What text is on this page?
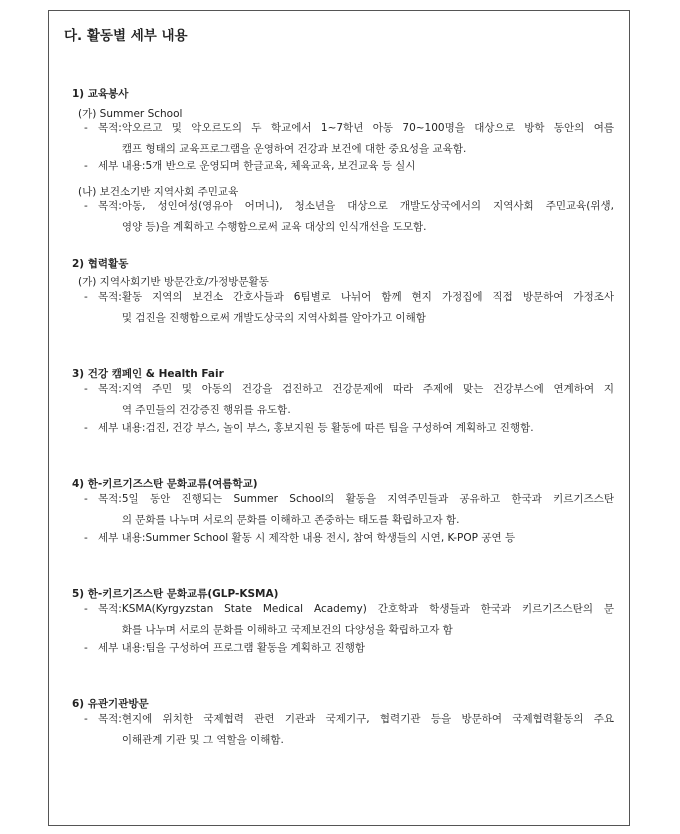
다. 활동별 세부 내용
1) 교육봉사
(가) Summer School
- 목적: 악오르고 및 악오르도의 두 학교에서 1~7학년 아동 70~100명을 대상으로 방학 동안의 여름
캠프 형태의 교육프로그램을 운영하여 건강과 보건에 대한 중요성을 교육함.
- 세부 내용: 5개 반으로 운영되며 한글교육, 체육교육, 보건교육 등 실시
(나) 보건소기반 지역사회 주민교육
- 목적: 아동, 성인여성(영유아 어머니), 청소년을 대상으로 개발도상국에서의 지역사회 주민교육(위생,
영양 등)을 계획하고 수행함으로써 교육 대상의 인식개선을 도모함.
2) 협력활동
(가) 지역사회기반 방문간호/가정방문활동
- 목적: 활동 지역의 보건소 간호사들과 6팀별로 나뉘어 함께 현지 가정집에 직접 방문하여 가정조사
및 검진을 진행함으로써 개발도상국의 지역사회를 알아가고 이해함
3) 건강 캠페인 & Health Fair
- 목적: 지역 주민 및 아동의 건강을 검진하고 건강문제에 따라 주제에 맞는 건강부스에 연계하여 지
역 주민들의 건강증진 행위를 유도함.
- 세부 내용: 검진, 건강 부스, 놀이 부스, 홍보지원 등 활동에 따른 팀을 구성하여 계획하고 진행함.
4) 한-키르기즈스탄 문화교류(여름학교)
- 목적: 5일 동안 진행되는 Summer School의 활동을 지역주민들과 공유하고 한국과 키르기즈스탄
의 문화를 나누며 서로의 문화를 이해하고 존중하는 태도를 확립하고자 함.
- 세부 내용: Summer School 활동 시 제작한 내용 전시, 참여 학생들의 시연, K-POP 공연 등
5) 한-키르기즈스탄 문화교류(GLP-KSMA)
- 목적: KSMA(Kyrgyzstan State Medical Academy) 간호학과 학생들과 한국과 키르기즈스탄의 문
화를 나누며 서로의 문화를 이해하고 국제보건의 다양성을 확립하고자 함
- 세부 내용: 팀을 구성하여 프로그램 활동을 계획하고 진행함
6) 유관기관방문
- 목적: 현지에 위치한 국제협력 관련 기관과 국제기구, 협력기관 등을 방문하여 국제협력활동의 주요
이해관계 기관 및 그 역할을 이해함.
